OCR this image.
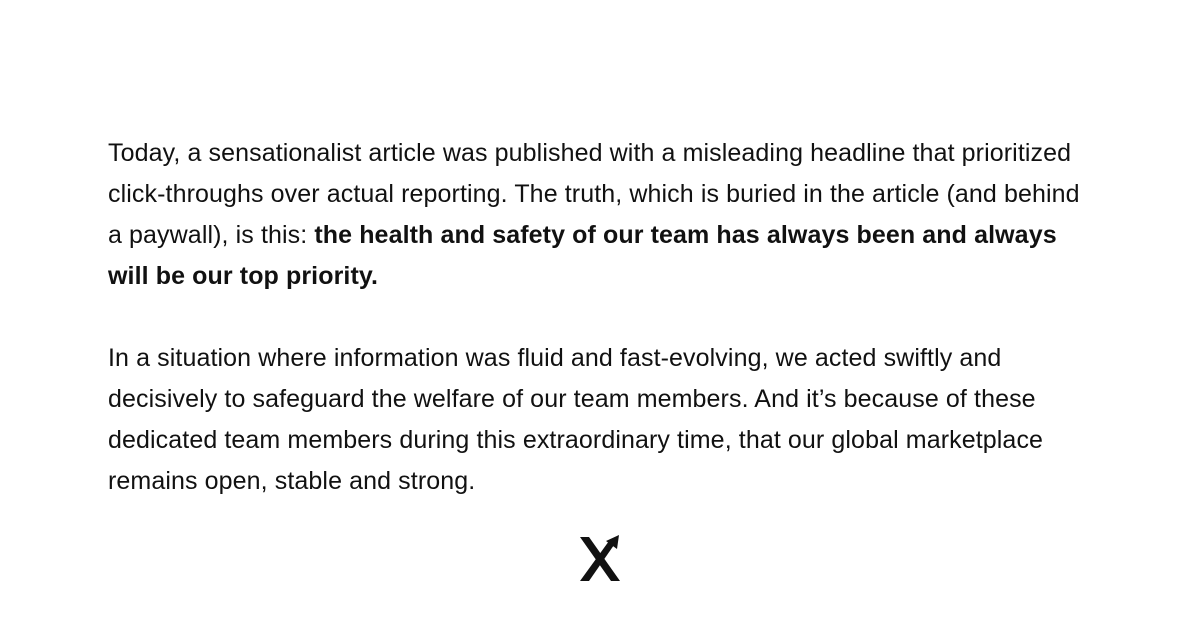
Today, a sensationalist article was published with a misleading headline that prioritized click-throughs over actual reporting. The truth, which is buried in the article (and behind a paywall), is this: the health and safety of our team has always been and always will be our top priority.

In a situation where information was fluid and fast-evolving, we acted swiftly and decisively to safeguard the welfare of our team members. And it’s because of these dedicated team members during this extraordinary time, that our global marketplace remains open, stable and strong.
